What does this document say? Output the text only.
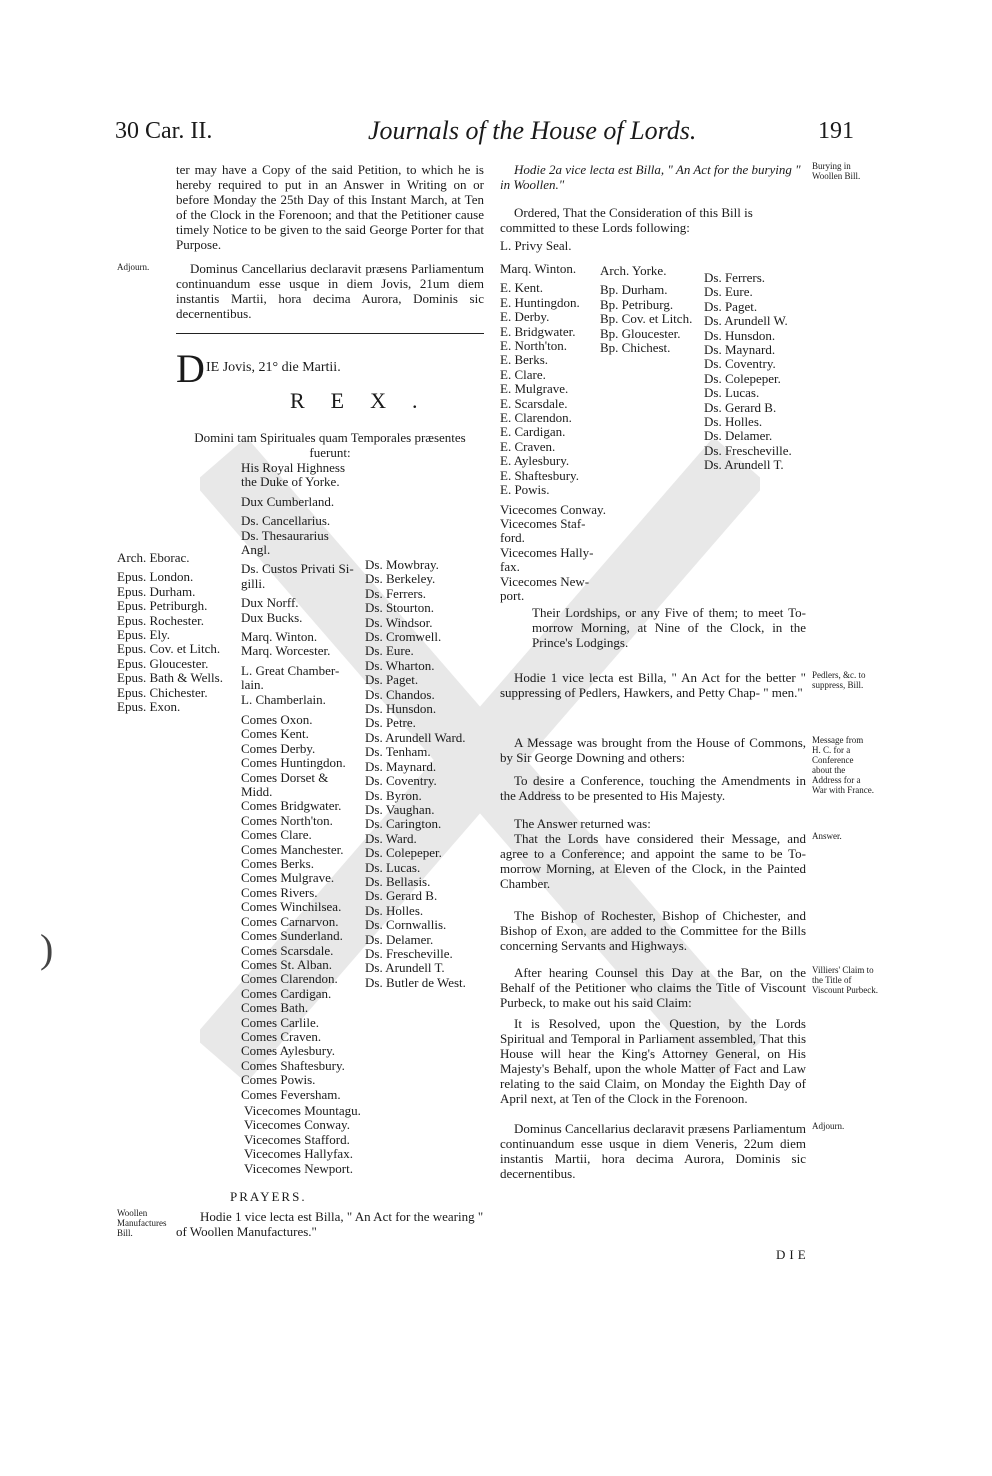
30 Car. II.	Journals of the House of Lords.	191
ter may have a Copy of the said Petition, to which he is hereby required to put in an Answer in Writing on or before Monday the 25th Day of this Instant March, at Ten of the Clock in the Forenoon; and that the Petitioner cause timely Notice to be given to the said George Porter for that Purpose.
Adjourn.	Dominus Cancellarius declaravit præsens Parliamentum continuandum esse usque in diem Jovis, 21um diem instantis Martii, hora decima Aurora, Dominis sic decernentibus.
D IE Jovis, 21° die Martii.
REX.
Domini tam Spirituales quam Temporales præsentes fuerunt:
Arch. Eborac.
Epus. London.
Epus. Durham.
Epus. Petriburgh.
Epus. Rochester.
Epus. Ely.
Epus. Cov. et Litch.
Epus. Gloucester.
Epus. Bath & Wells.
Epus. Chichester.
Epus. Exon.
His Royal Highness
the Duke of Yorke.
Dux Cumberland.
Ds. Cancellarius.
Ds. Thesaurarius
Angl.
Ds. Custos Privati Si-
gilli.
Dux Norff.
Dux Bucks.
Marq. Winton.
Marq. Worcester.
L. Great Chamber-
lain.
L. Chamberlain.
Comes Oxon.
Comes Kent.
Comes Derby.
Comes Huntingdon.
Comes Dorset &
Midd.
Comes Bridgwater.
Comes North'ton.
Comes Clare.
Comes Manchester.
Comes Berks.
Comes Mulgrave.
Comes Rivers.
Comes Winchilsea.
Comes Carnarvon.
Comes Sunderland.
Comes Scarsdale.
Comes St. Alban.
Comes Clarendon.
Comes Cardigan.
Comes Bath.
Comes Carlile.
Comes Craven.
Comes Aylesbury.
Comes Shaftesbury.
Comes Powis.
Comes Feversham.
Vicecomes Mountagu.
Vicecomes Conway.
Vicecomes Stafford.
Vicecomes Hallyfax.
Vicecomes Newport.
Ds. Mowbray.
Ds. Berkeley.
Ds. Ferrers.
Ds. Stourton.
Ds. Windsor.
Ds. Cromwell.
Ds. Eure.
Ds. Wharton.
Ds. Paget.
Ds. Chandos.
Ds. Hunsdon.
Ds. Petre.
Ds. Arundell Ward.
Ds. Tenham.
Ds. Maynard.
Ds. Coventry.
Ds. Byron.
Ds. Vaughan.
Ds. Carington.
Ds. Ward.
Ds. Colepeper.
Ds. Lucas.
Ds. Bellasis.
Ds. Gerard B.
Ds. Holles.
Ds. Cornwallis.
Ds. Delamer.
Ds. Frescheville.
Ds. Arundell T.
Ds. Butler de West.
PRAYERS.
Woollen Manufactures Bill.
Hodie 1 vice lecta est Billa, " An Act for the wearing " of Woollen Manufactures."
)
Hodie 2a vice lecta est Billa, " An Act for the burying " in Woollen."
Burying in Woollen Bill.
Ordered, That the Consideration of this Bill is committed to these Lords following:
L. Privy Seal.
Marq. Winton.
E. Kent.
E. Huntingdon.
E. Derby.
E. Bridgwater.
E. North'ton.
E. Berks.
E. Clare.
E. Mulgrave.
E. Scarsdale.
E. Clarendon.
E. Cardigan.
E. Craven.
E. Aylesbury.
E. Shaftesbury.
E. Powis.
Vicecomes Conway.
Vicecomes Staf-
ford.
Vicecomes Hally-
fax.
Vicecomes New-
port.
Arch. Yorke.
Bp. Durham.
Bp. Petriburg.
Bp. Cov. et Litch.
Bp. Gloucester.
Bp. Chichest.
Ds. Ferrers.
Ds. Eure.
Ds. Paget.
Ds. Arundell W.
Ds. Hunsdon.
Ds. Maynard.
Ds. Coventry.
Ds. Colepeper.
Ds. Lucas.
Ds. Gerard B.
Ds. Holles.
Ds. Delamer.
Ds. Frescheville.
Ds. Arundell T.
Their Lordships, or any Five of them; to meet To-morrow Morning, at Nine of the Clock, in the Prince's Lodgings.
Hodie 1 vice lecta est Billa, " An Act for the better " suppressing of Pedlers, Hawkers, and Petty Chap- " men."
Pedlers, &c. to suppress, Bill.
A Message was brought from the House of Commons, by Sir George Downing and others:
Message from H. C. for a Conference about the Address for a War with France.
To desire a Conference, touching the Amendments in the Address to be presented to His Majesty.
The Answer returned was:
Answer.
That the Lords have considered their Message, and agree to a Conference; and appoint the same to be To-morrow Morning, at Eleven of the Clock, in the Painted Chamber.
The Bishop of Rochester, Bishop of Chichester, and Bishop of Exon, are added to the Committee for the Bills concerning Servants and Highways.
After hearing Counsel this Day at the Bar, on the Behalf of the Petitioner who claims the Title of Viscount Purbeck, to make out his said Claim:
Villiers' Claim to the Title of Viscount Purbeck.
It is Resolved, upon the Question, by the Lords Spiritual and Temporal in Parliament assembled, That this House will hear the King's Attorney General, on His Majesty's Behalf, upon the whole Matter of Fact and Law relating to the said Claim, on Monday the Eighth Day of April next, at Ten of the Clock in the Forenoon.
Dominus Cancellarius declaravit præsens Parliamentum continuandum esse usque in diem Veneris, 22um diem instantis Martii, hora decima Aurora, Dominis sic decernentibus.
Adjourn.
DIE
